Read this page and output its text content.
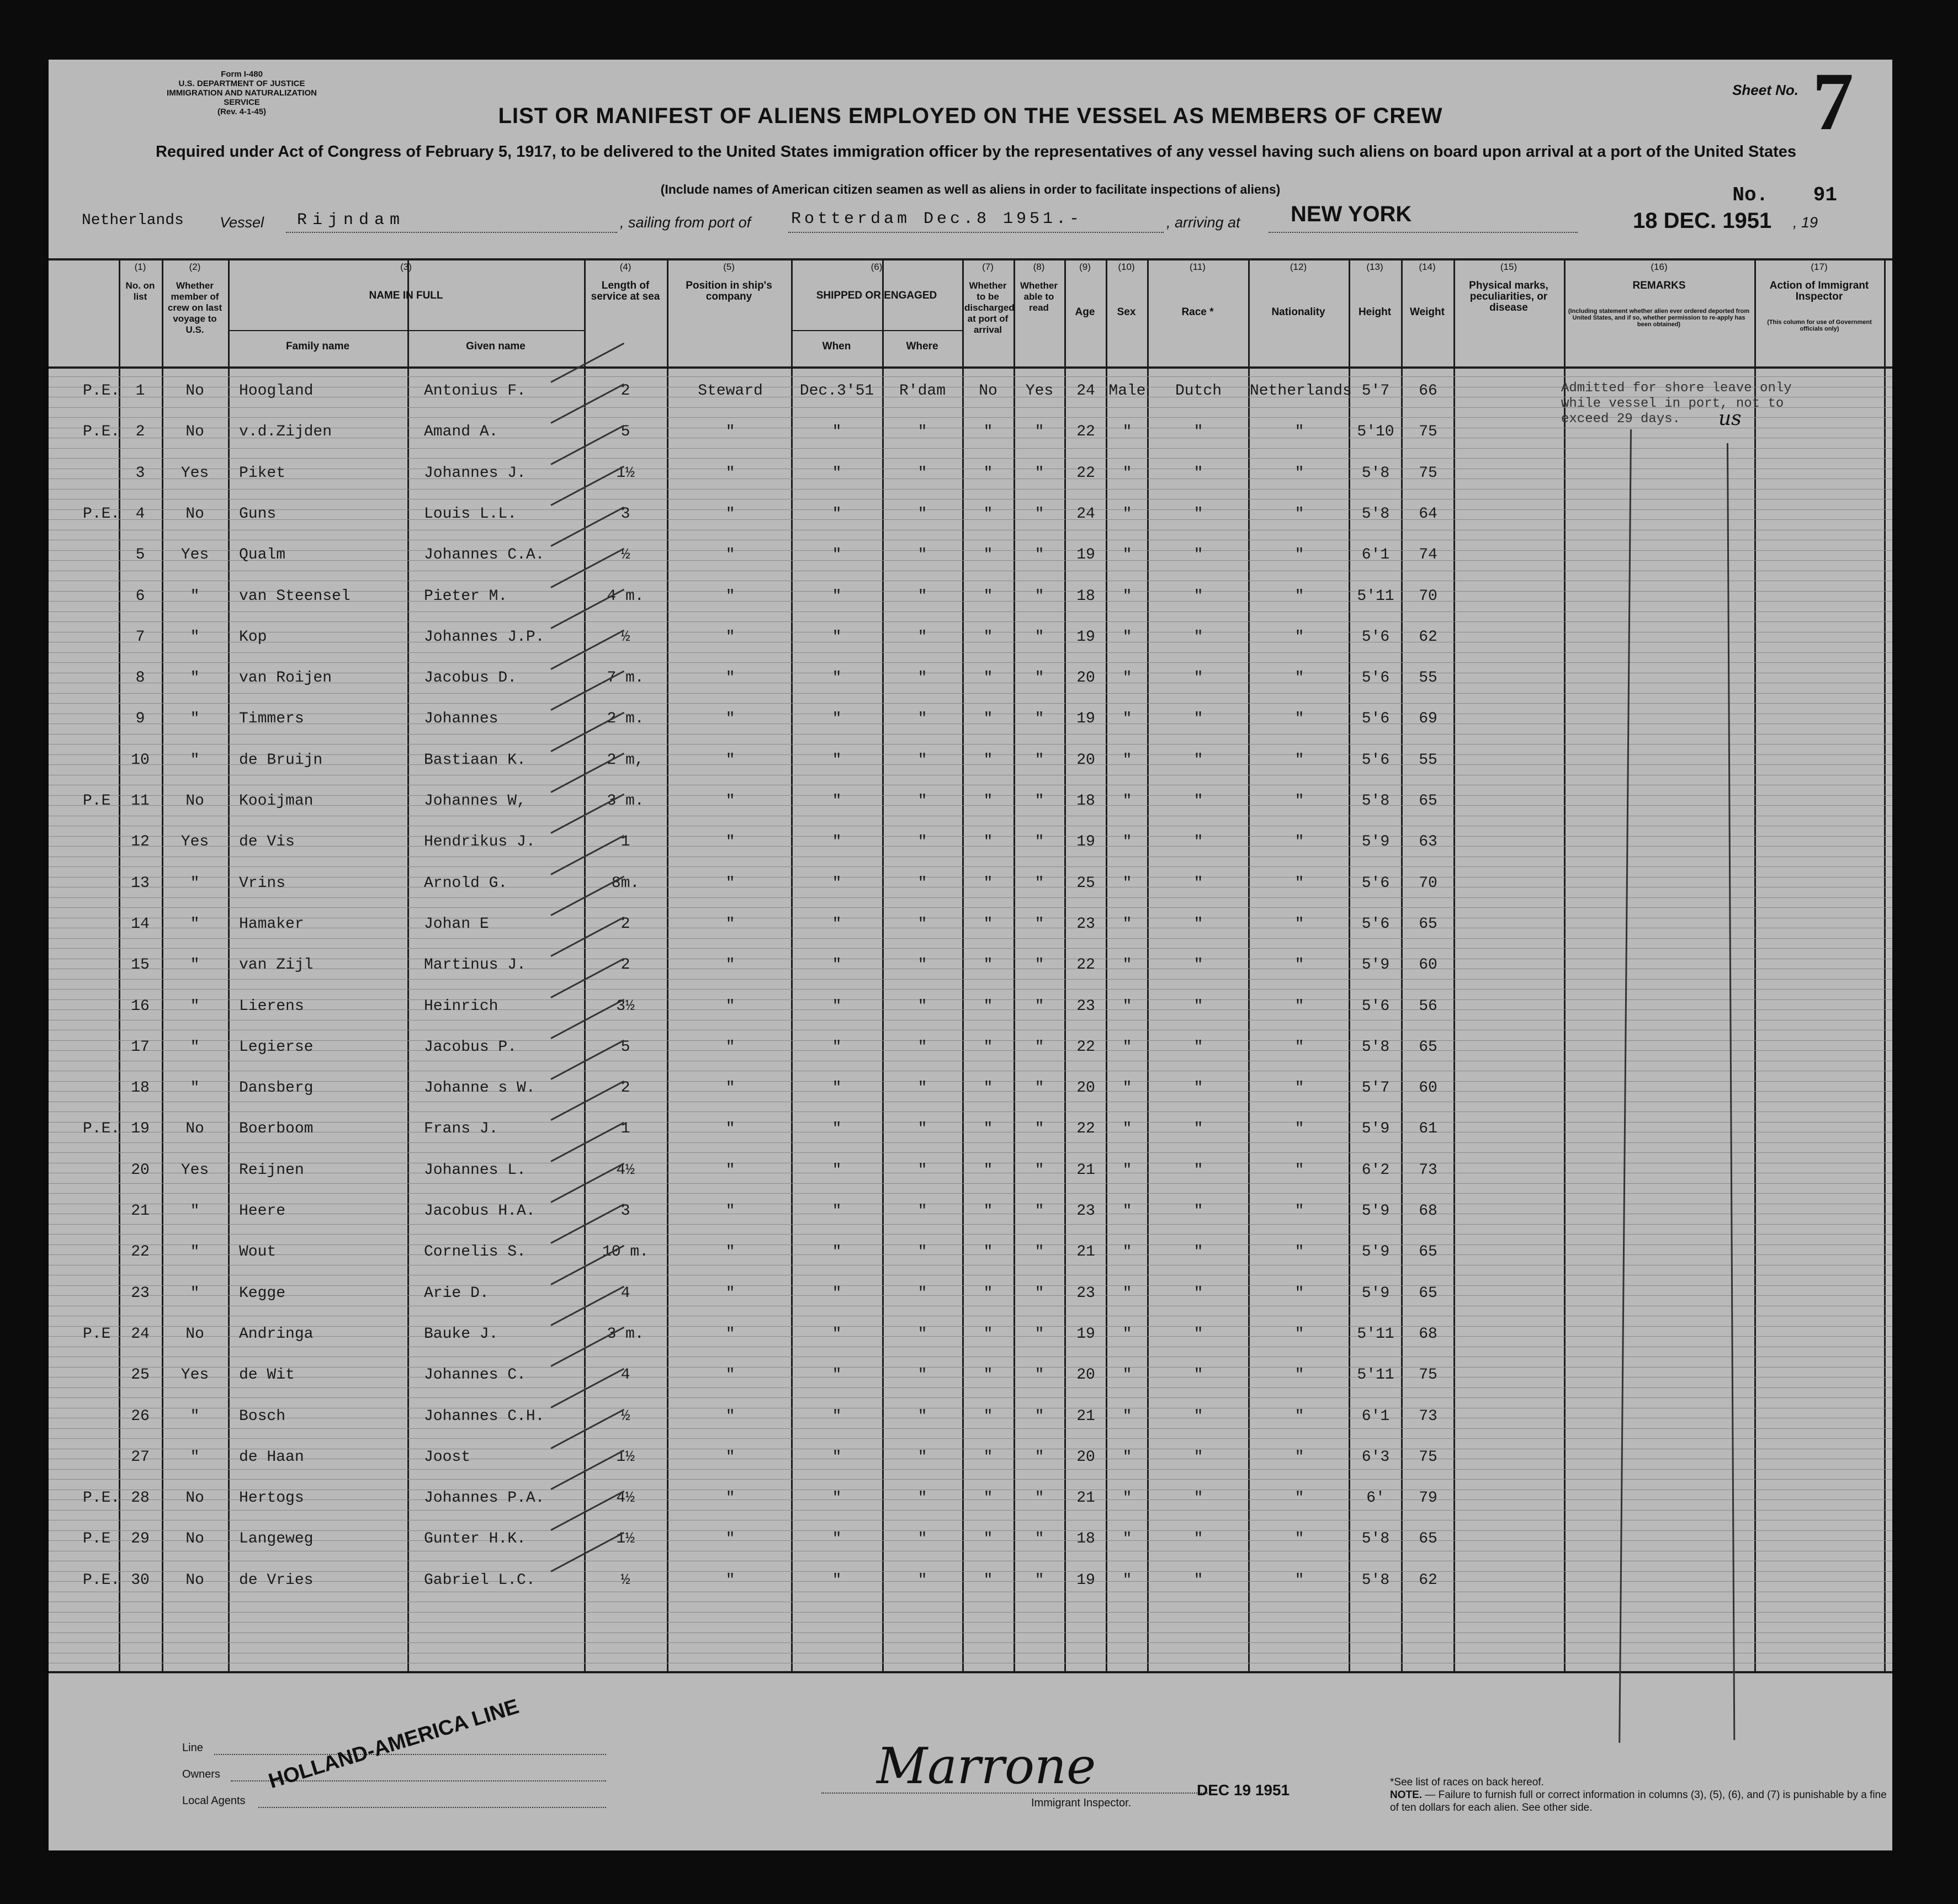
Form I-480
U.S. DEPARTMENT OF JUSTICE
IMMIGRATION AND NATURALIZATION SERVICE
(Rev. 4-1-45)
Sheet No. 7
No. 91
LIST OR MANIFEST OF ALIENS EMPLOYED ON THE VESSEL AS MEMBERS OF CREW
Required under Act of Congress of February 5, 1917, to be delivered to the United States immigration officer by the representatives of any vessel having such aliens on board upon arrival at a port of the United States
(Include names of American citizen seamen as well as aliens in order to facilitate inspections of aliens)
Netherlands Vessel Rijndam	, sailing from port of Rotterdam Dec.8 1951.-	, arriving at NEW YORK	18 DEC. 1951 , 19
(1)
No. on list
(2)
Whether member of crew on last voyage to U.S.
(3)
NAME IN FULL
(4)
Length of service at sea
(5)
Position in ship's company
(6)
SHIPPED OR ENGAGED
(7)
Whether to be discharged at port of arrival
(8)
Whether able to read
(9)
Age
(10)
Sex
(11)
Race *
(12)
Nationality
(13)
Height
(14)
Weight
(15)
Physical marks, peculiarities, or disease
(16)
REMARKS
(17)
Action of Immigrant Inspector
Family name	Given name	When	Where
(Including statement whether alien ever ordered deported from United States, and if so, whether permission to re-apply has been obtained)	(This column for use of Government officials only)
P.E.	1	No	Hoogland	Antonius F.	2	Steward	Dec.3'51	R'dam	No	Yes	24 Male	Dutch	Netherlands 5'7	66
P.E.	2	No	v.d.Zijden	Amand A.	5	"	"	"	"	"	22	"	"	"	5'10	75
3	Yes	Piket	Johannes J.	1½	"	"	"	"	"	22	"	"	"	5'8	75
P.E.	4	No	Guns	Louis L.L.	3	"	"	"	"	"	24	"	"	"	5'8	64
5	Yes	Qualm	Johannes C.A.	½	"	"	"	"	"	19	"	"	"	6'1	74
6	"	van Steensel	Pieter M.	4 m.	"	"	"	"	"	18	"	"	"	5'11	70
7	"	Kop	Johannes J.P.	½	"	"	"	"	"	19	"	"	"	5'6	62
8	"	van Roijen	Jacobus D.	7 m.	"	"	"	"	"	20	"	"	"	5'6	55
9	"	Timmers	Johannes	2 m.	"	"	"	"	"	19	"	"	"	5'6	69
10	"	de Bruijn	Bastiaan K.	2 m,	"	"	"	"	"	20	"	"	"	5'6	55
P.E	11	No	Kooijman	Johannes W,	3 m.	"	"	"	"	"	18	"	"	"	5'8	65
12	Yes	de Vis	Hendrikus J.	1	"	"	"	"	"	19	"	"	"	5'9	63
13	"	Vrins	Arnold G.	8m.	"	"	"	"	"	25	"	"	"	5'6	70
14	"	Hamaker	Johan E	2	"	"	"	"	"	23	"	"	"	5'6	65
15	"	van Zijl	Martinus J.	2	"	"	"	"	"	22	"	"	"	5'9	60
16	"	Lierens	Heinrich	3½	"	"	"	"	"	23	"	"	"	5'6	56
17	"	Legierse	Jacobus P.	5	"	"	"	"	"	22	"	"	"	5'8	65
18	"	Dansberg	Johanne s W.	2	"	"	"	"	"	20	"	"	"	5'7	60
P.E. 19	No	Boerboom	Frans J.	1	"	"	"	"	"	22	"	"	"	5'9	61
20	Yes	Reijnen	Johannes L.	4½	"	"	"	"	"	21	"	"	"	6'2	73
21	"	Heere	Jacobus H.A.	3	"	"	"	"	"	23	"	"	"	5'9	68
22	"	Wout	Cornelis S.	10 m.	"	"	"	"	"	21	"	"	"	5'9	65
23	"	Kegge	Arie D.	4	"	"	"	"	"	23	"	"	"	5'9	65
P.E	24	No	Andringa	Bauke J.	3 m.	"	"	"	"	"	19	"	"	"	5'11	68
25	Yes	de Wit	Johannes C.	4	"	"	"	"	"	20	"	"	"	5'11	75
26	"	Bosch	Johannes C.H.	½	"	"	"	"	"	21	"	"	"	6'1	73
27	"	de Haan	Joost	1½	"	"	"	"	"	20	"	"	"	6'3	75
P.E. 28	No	Hertogs	Johannes P.A.	4½	"	"	"	"	"	21	"	"	"	6'	79
P.E	29	No	Langeweg	Gunter H.K.	1½	"	"	"	"	"	18	"	"	"	5'8	65
P.E. 30	No	de Vries	Gabriel L.C.	½	"	"	"	"	"	19	"	"	"	5'8	62
Admitted for shore leave only while vessel in port, not to exceed 29 days.	us
Line
Owners
Local Agents
HOLLAND-AMERICA LINE	Marrone
Immigrant Inspector.
DEC 19 1951	*See list of races on back hereof.
NOTE. — Failure to furnish full or correct information in columns (3), (5), (6), and (7) is punishable by a fine of ten dollars for each alien. See other side.
